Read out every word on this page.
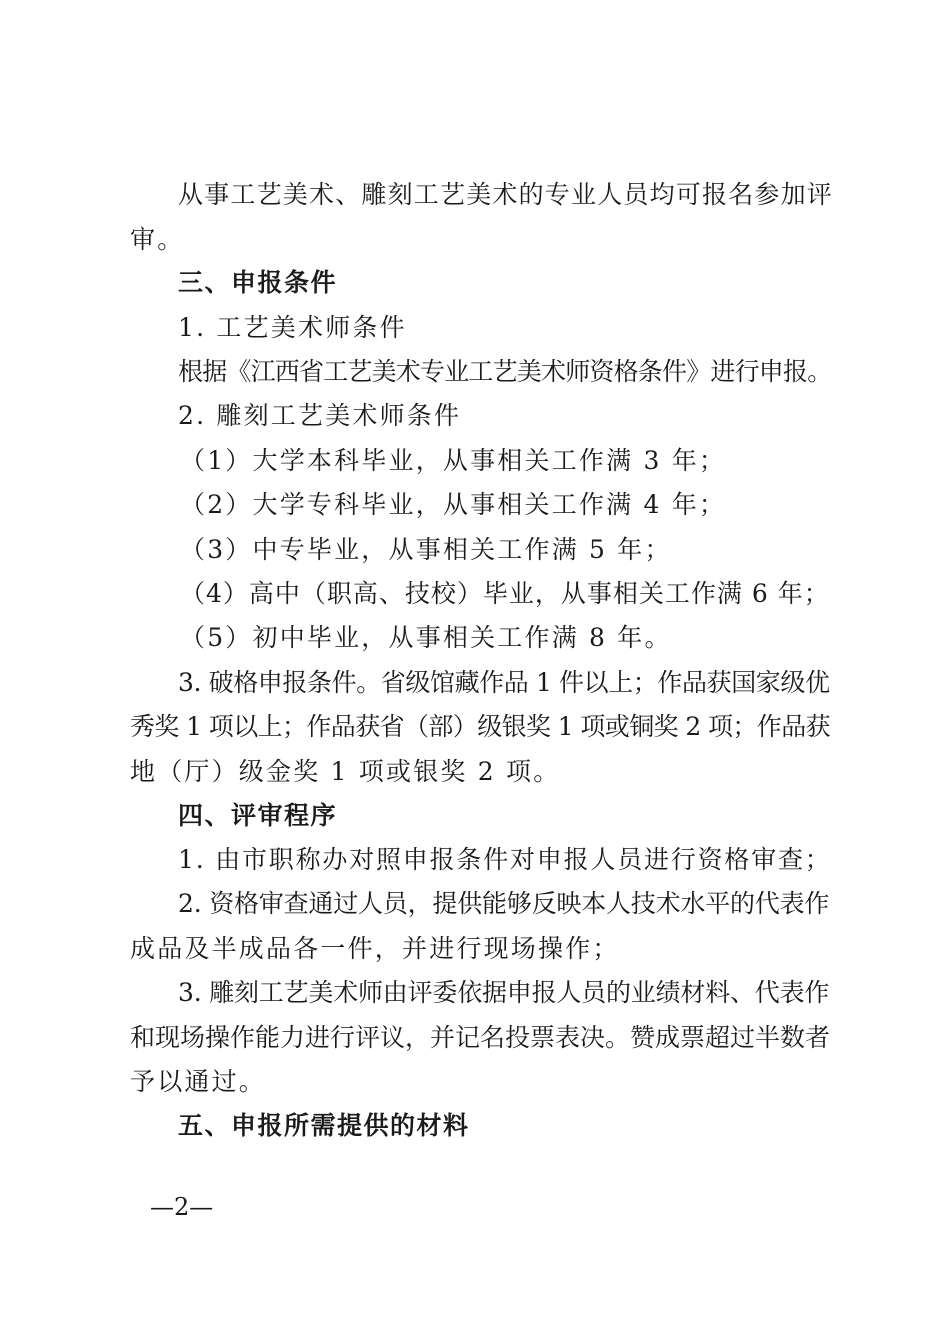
从事工艺美术、雕刻工艺美术的专业人员均可报名参加评
审。
三、申报条件
1. 工艺美术师条件
根据《江西省工艺美术专业工艺美术师资格条件》进行申报。
2. 雕刻工艺美术师条件
（1）大学本科毕业，从事相关工作满 3 年；
（2）大学专科毕业，从事相关工作满 4 年；
（3）中专毕业，从事相关工作满 5 年；
（4）高中（职高、技校）毕业，从事相关工作满 6 年；
（5）初中毕业，从事相关工作满 8 年。
3. 破格申报条件。省级馆藏作品 1 件以上；作品获国家级优
秀奖 1 项以上；作品获省（部）级银奖 1 项或铜奖 2 项；作品获
地（厅）级金奖 1 项或银奖 2 项。
四、评审程序
1. 由市职称办对照申报条件对申报人员进行资格审查；
2. 资格审查通过人员，提供能够反映本人技术水平的代表作
成品及半成品各一件，并进行现场操作；
3. 雕刻工艺美术师由评委依据申报人员的业绩材料、代表作
和现场操作能力进行评议，并记名投票表决。赞成票超过半数者
予以通过。
五、申报所需提供的材料
—2—
